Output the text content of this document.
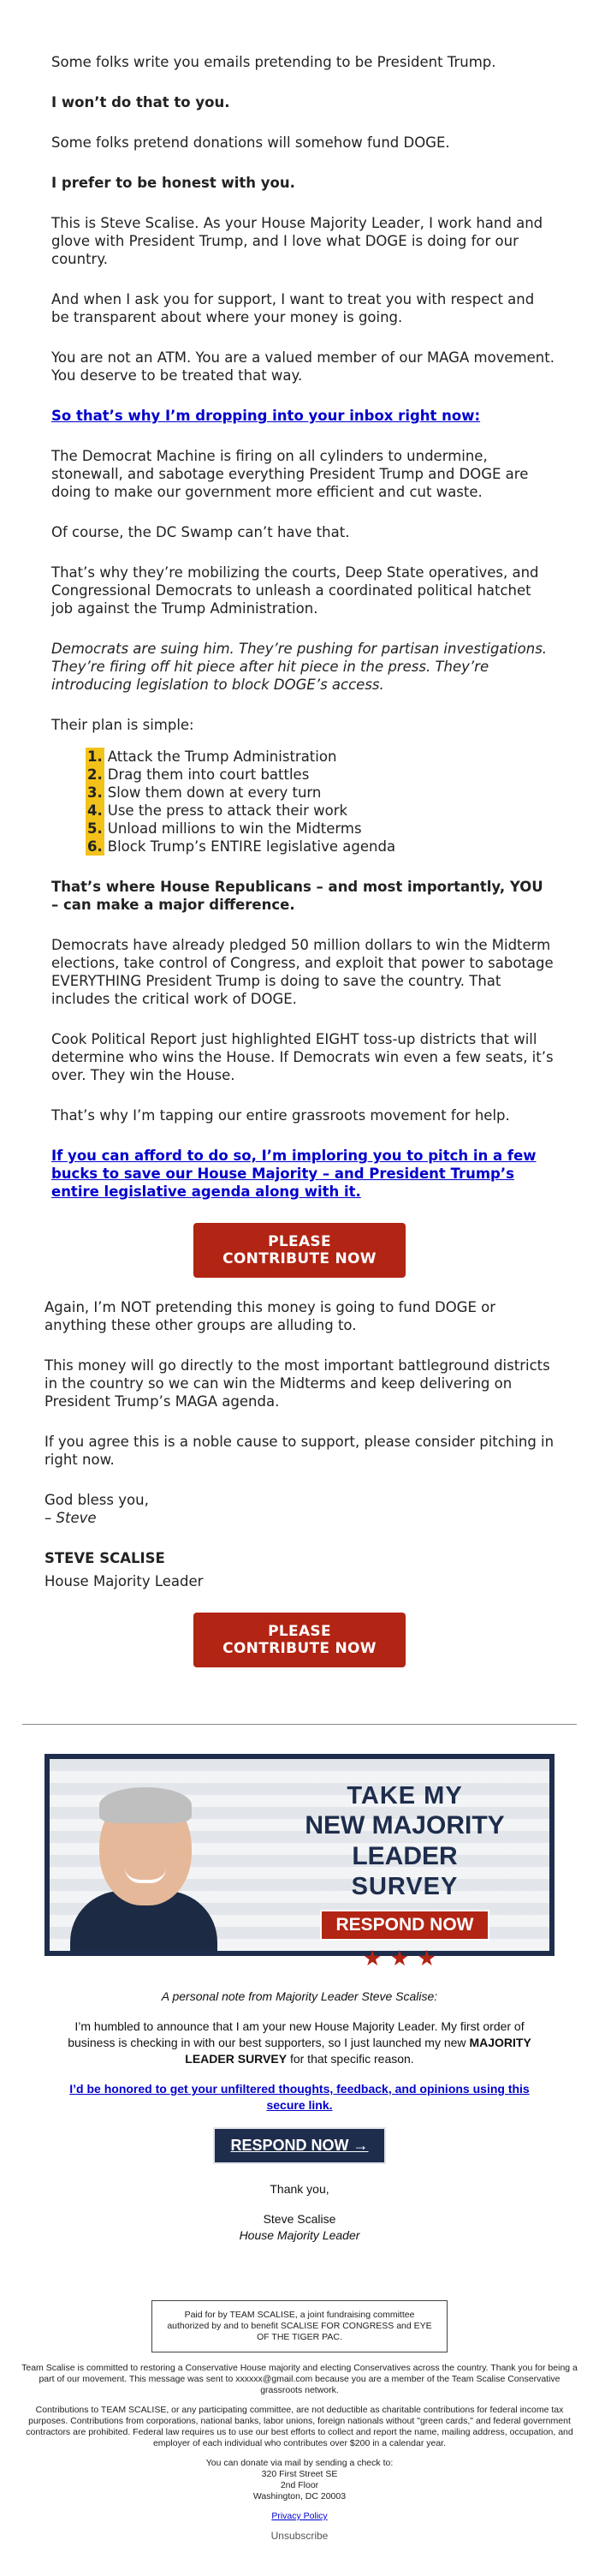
Some folks write you emails pretending to be President Trump.

I won’t do that to you.

Some folks pretend donations will somehow fund DOGE.

I prefer to be honest with you.

This is Steve Scalise. As your House Majority Leader, I work hand and glove with President Trump, and I love what DOGE is doing for our country.

And when I ask you for support, I want to treat you with respect and be transparent about where your money is going.

You are not an ATM. You are a valued member of our MAGA movement. You deserve to be treated that way.

So that’s why I’m dropping into your inbox right now:

The Democrat Machine is firing on all cylinders to undermine, stonewall, and sabotage everything President Trump and DOGE are doing to make our government more efficient and cut waste.

Of course, the DC Swamp can’t have that.

That’s why they’re mobilizing the courts, Deep State operatives, and Congressional Democrats to unleash a coordinated political hatchet job against the Trump Administration.

Democrats are suing him. They’re pushing for partisan investigations. They’re firing off hit piece after hit piece in the press. They’re introducing legislation to block DOGE’s access.

Their plan is simple:

1. Attack the Trump Administration
2. Drag them into court battles
3. Slow them down at every turn
4. Use the press to attack their work
5. Unload millions to win the Midterms
6. Block Trump’s ENTIRE legislative agenda

That’s where House Republicans – and most importantly, YOU – can make a major difference.

Democrats have already pledged 50 million dollars to win the Midterm elections, take control of Congress, and exploit that power to sabotage EVERYTHING President Trump is doing to save the country. That includes the critical work of DOGE.

Cook Political Report just highlighted EIGHT toss-up districts that will determine who wins the House. If Democrats win even a few seats, it’s over. They win the House.

That’s why I’m tapping our entire grassroots movement for help.

If you can afford to do so, I’m imploring you to pitch in a few bucks to save our House Majority – and President Trump’s entire legislative agenda along with it.

PLEASE CONTRIBUTE NOW

Again, I’m NOT pretending this money is going to fund DOGE or anything these other groups are alluding to.

This money will go directly to the most important battleground districts in the country so we can win the Midterms and keep delivering on President Trump’s MAGA agenda.

If you agree this is a noble cause to support, please consider pitching in right now.

God bless you,
– Steve

STEVE SCALISE

House Majority Leader

PLEASE CONTRIBUTE NOW
TAKE MY
NEW MAJORITY LEADER
SURVEY
RESPOND NOW
★★★

A personal note from Majority Leader Steve Scalise:

I’m humbled to announce that I am your new House Majority Leader. My first order of business is checking in with our best supporters, so I just launched my new MAJORITY LEADER SURVEY for that specific reason.

I’d be honored to get your unfiltered thoughts, feedback, and opinions using this secure link.

RESPOND NOW →

Thank you,

Steve Scalise

House Majority Leader

Paid for by TEAM SCALISE, a joint fundraising committee authorized by and to benefit SCALISE FOR CONGRESS and EYE OF THE TIGER PAC.

Team Scalise is committed to restoring a Conservative House majority and electing Conservatives across the country. Thank you for being a part of our movement. This message was sent to xxxxxx@gmail.com because you are a member of the Team Scalise Conservative grassroots network.

Contributions to TEAM SCALISE, or any participating committee, are not deductible as charitable contributions for federal income tax purposes. Contributions from corporations, national banks, labor unions, foreign nationals without "green cards," and federal government contractors are prohibited. Federal law requires us to use our best efforts to collect and report the name, mailing address, occupation, and employer of each individual who contributes over $200 in a calendar year.

You can donate via mail by sending a check to:
320 First Street SE
2nd Floor
Washington, DC 20003

Privacy Policy

Unsubscribe
